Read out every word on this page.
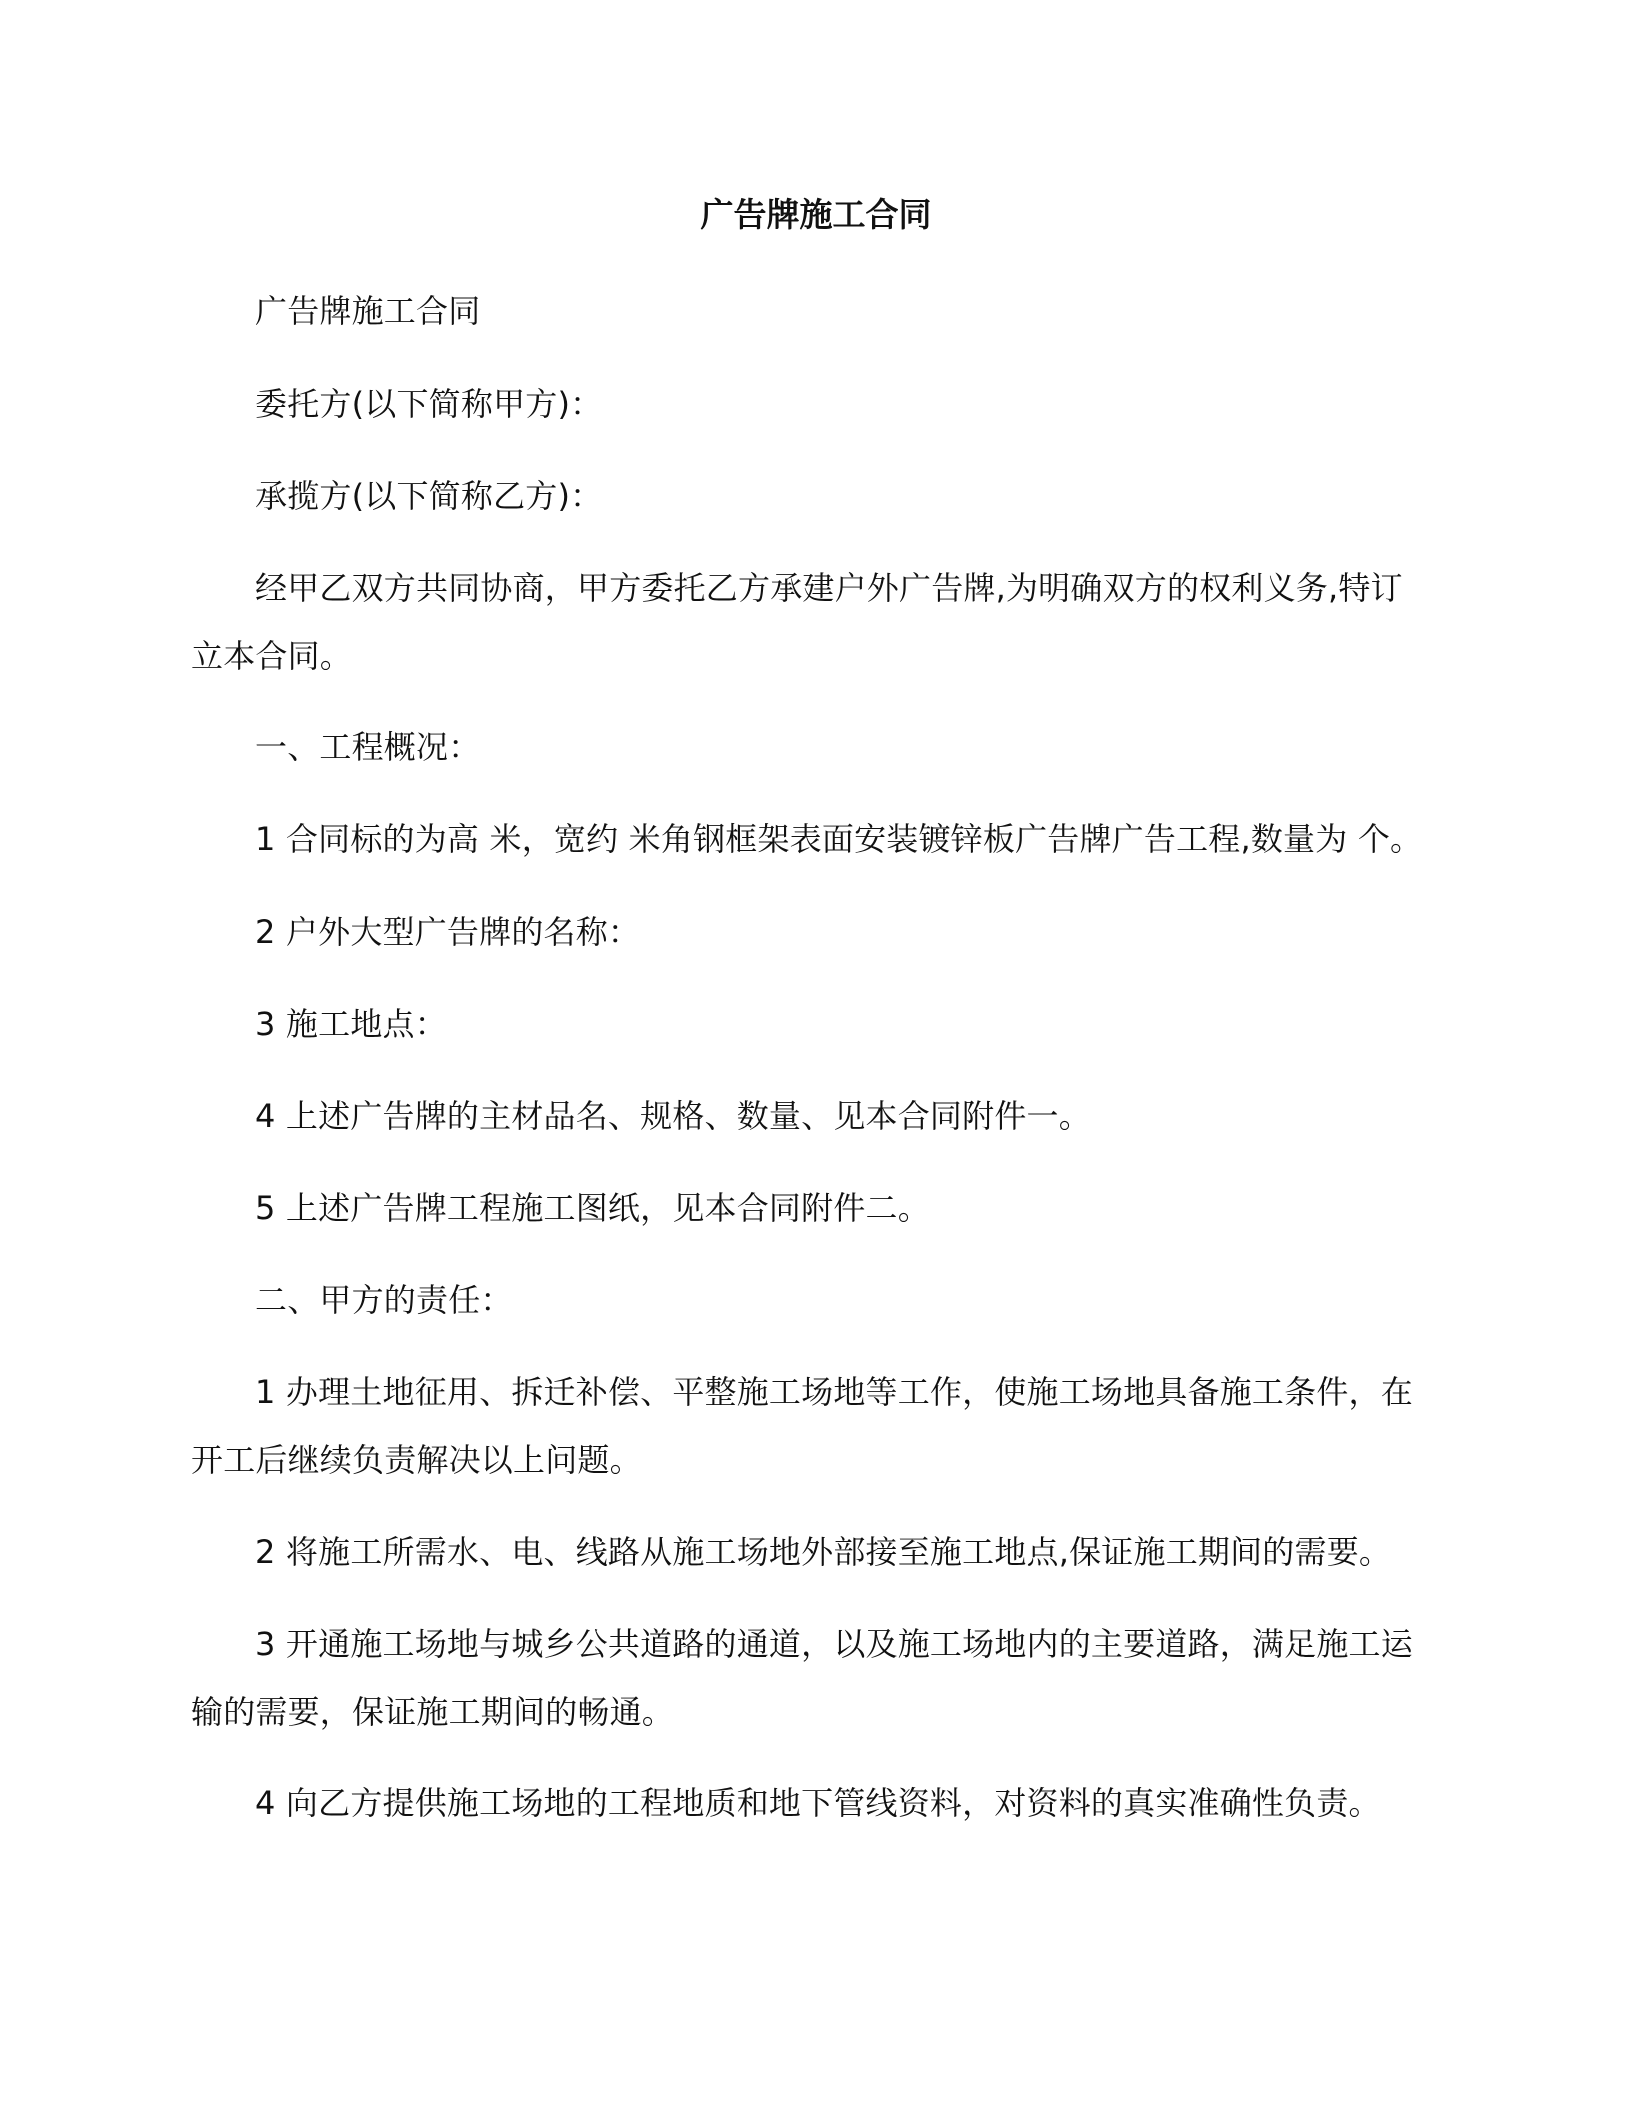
广告牌施工合同

广告牌施工合同

委托方(以下简称甲方)：

承揽方(以下简称乙方)：

经甲乙双方共同协商，甲方委托乙方承建户外广告牌,为明确双方的权利义务,特订立本合同。

一、工程概况：

1 合同标的为高 米，宽约 米角钢框架表面安装镀锌板广告牌广告工程,数量为 个。

2 户外大型广告牌的名称：

3 施工地点：

4 上述广告牌的主材品名、规格、数量、见本合同附件一。

5 上述广告牌工程施工图纸，见本合同附件二。

二、甲方的责任：

1 办理土地征用、拆迁补偿、平整施工场地等工作，使施工场地具备施工条件，在开工后继续负责解决以上问题。

2 将施工所需水、电、线路从施工场地外部接至施工地点,保证施工期间的需要。

3 开通施工场地与城乡公共道路的通道，以及施工场地内的主要道路，满足施工运输的需要，保证施工期间的畅通。

4 向乙方提供施工场地的工程地质和地下管线资料，对资料的真实准确性负责。
